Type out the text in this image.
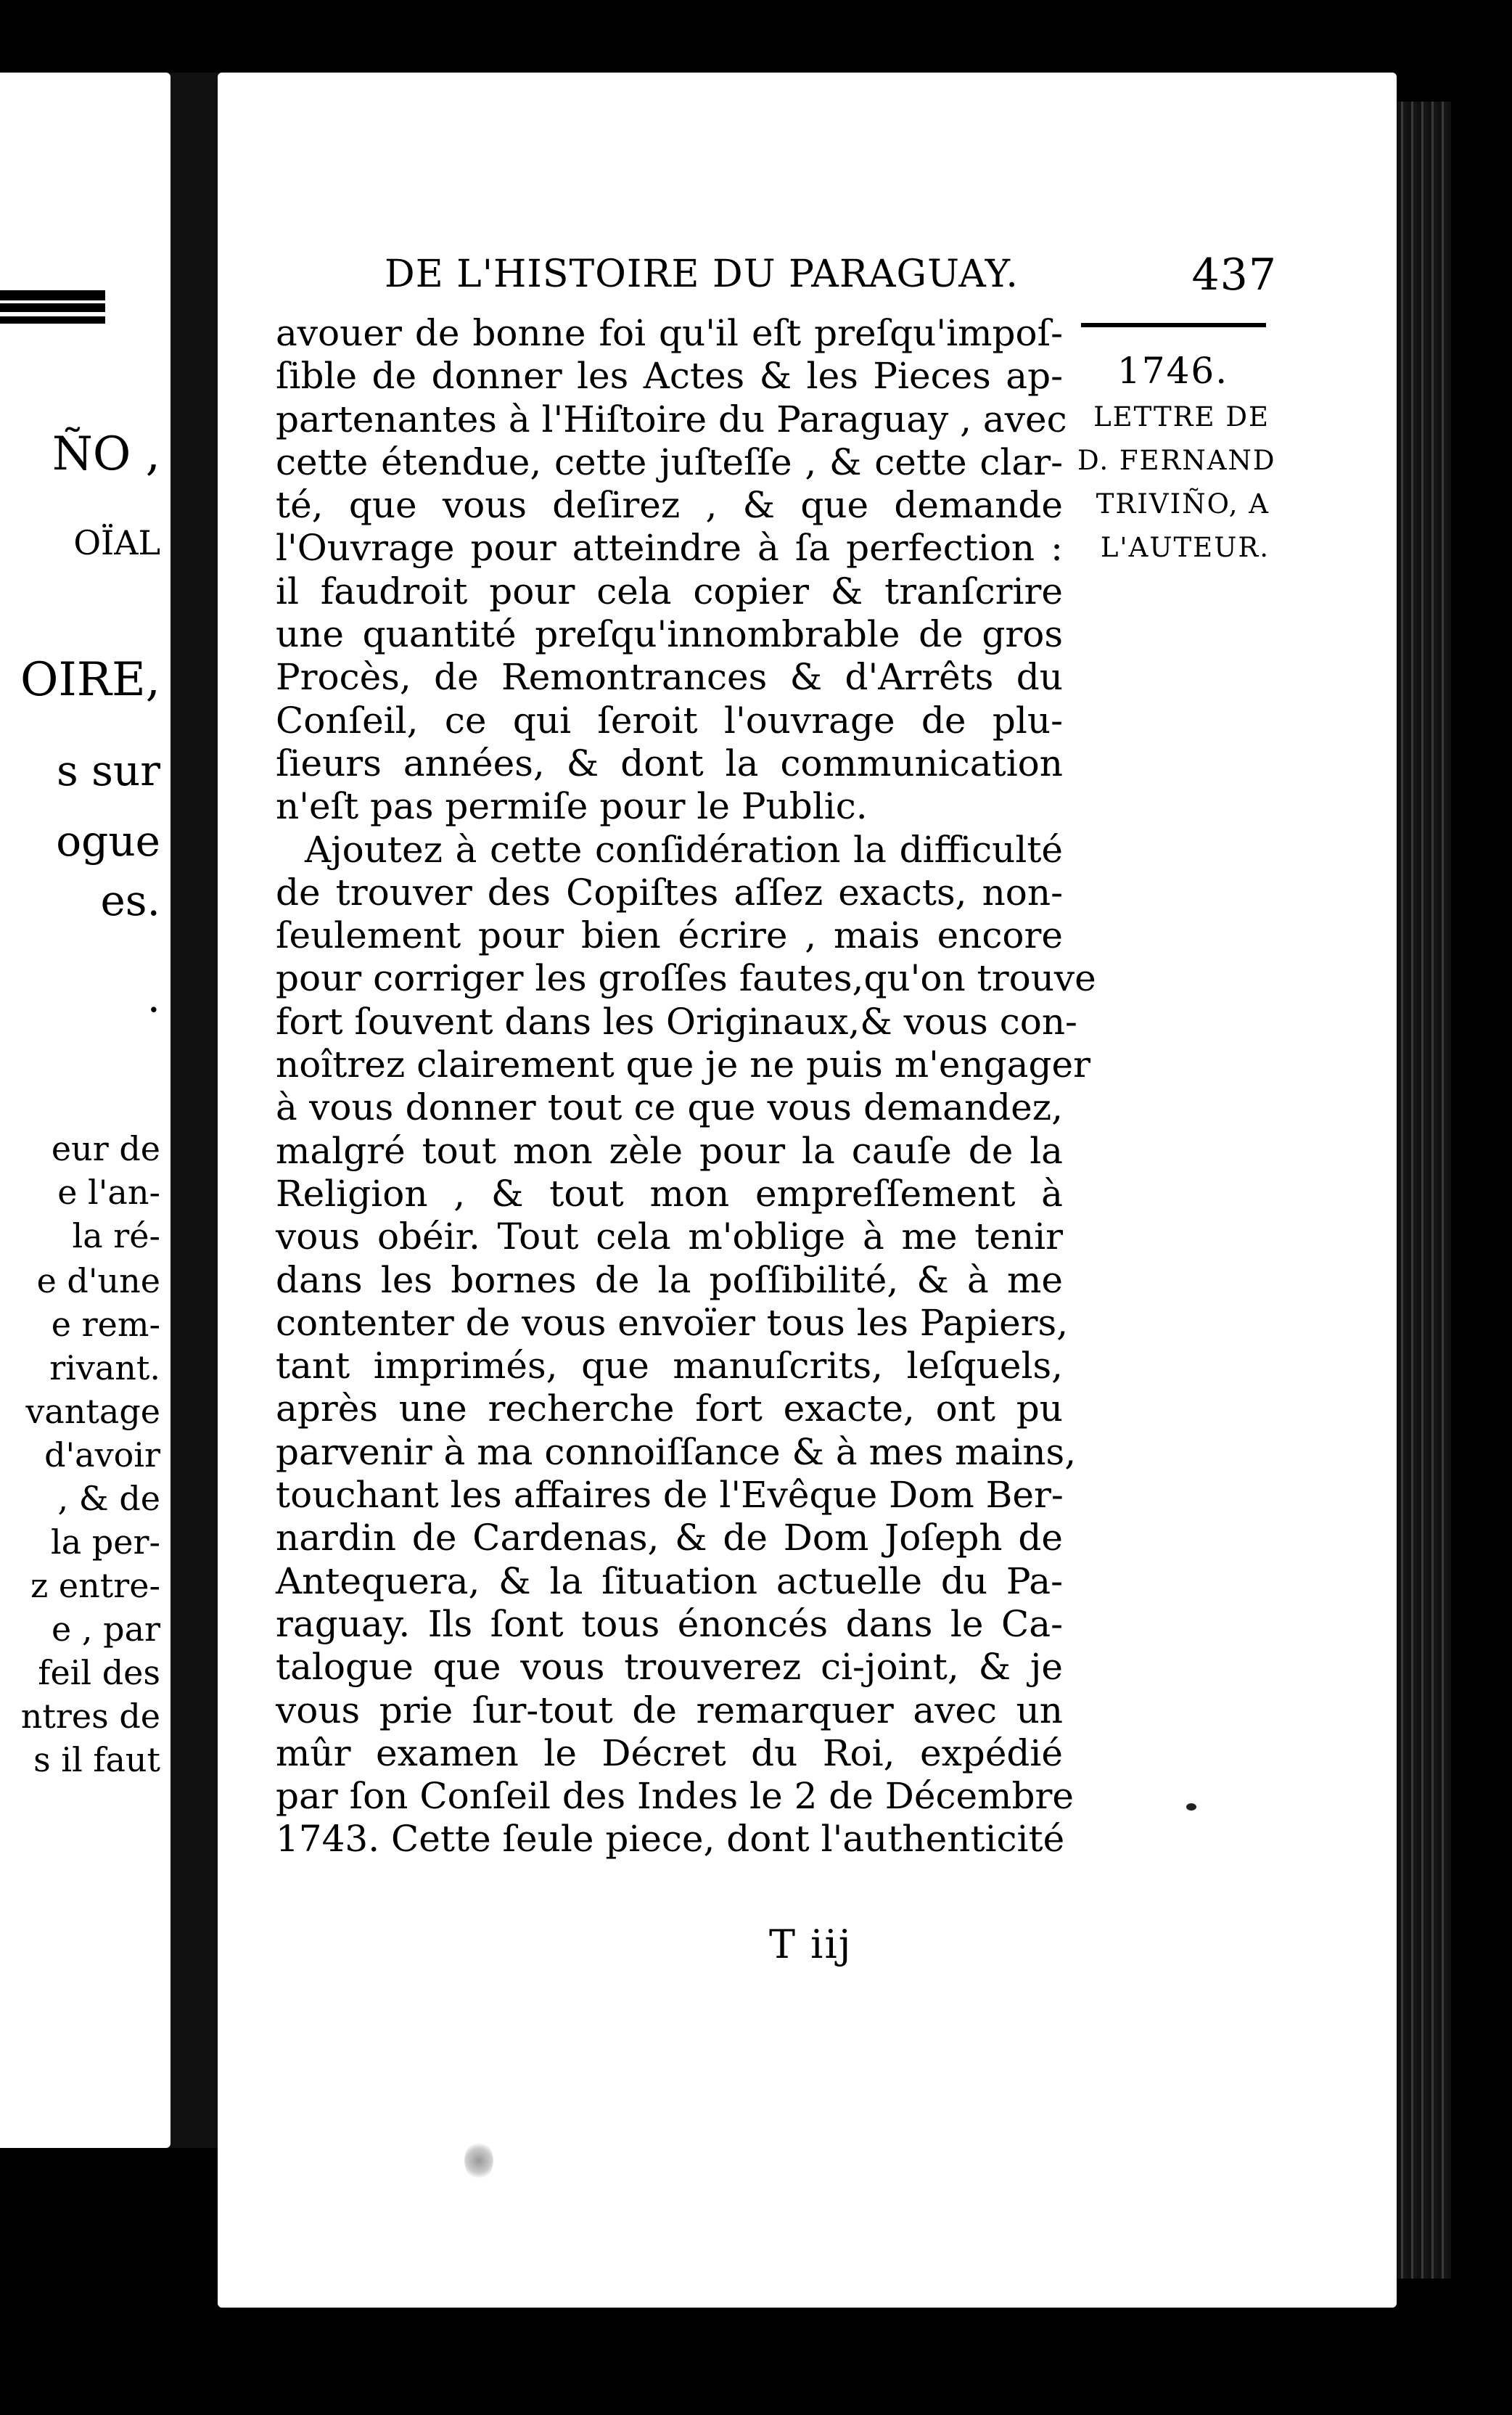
ÑO ,
OÏAL
OIRE,
s sur
ogue
es.
.
eur de
e l'an-
la ré-
e d'une
e rem-
rivant.
vantage
d'avoir
, & de
la per-
z entre-
e , par
feil des
ntres de
s il faut
DE L'HISTOIRE DU PARAGUAY.	437
1746.
LETTRE DE
D. FERNAND
TRIVIÑO, A
L'AUTEUR.
avouer de bonne foi qu'il eſt preſqu'impoſ-
ſible de donner les Actes & les Pieces ap-
partenantes à l'Hiſtoire du Paraguay , avec
cette étendue, cette juſteſſe , & cette clar-
té, que vous deſirez , & que demande
l'Ouvrage pour atteindre à ſa perfection :
il faudroit pour cela copier & tranſcrire
une quantité preſqu'innombrable de gros
Procès, de Remontrances & d'Arrêts du
Conſeil, ce qui ſeroit l'ouvrage de plu-
ſieurs années, & dont la communication
n'eſt pas permiſe pour le Public.
Ajoutez à cette conſidération la difficulté
de trouver des Copiſtes aſſez exacts, non-
ſeulement pour bien écrire , mais encore
pour corriger les groſſes fautes,qu'on trouve
fort ſouvent dans les Originaux,& vous con-
noîtrez clairement que je ne puis m'engager
à vous donner tout ce que vous demandez,
malgré tout mon zèle pour la cauſe de la
Religion , & tout mon empreſſement à
vous obéir. Tout cela m'oblige à me tenir
dans les bornes de la poſſibilité, & à me
contenter de vous envoïer tous les Papiers,
tant imprimés, que manuſcrits, leſquels,
après une recherche fort exacte, ont pu
parvenir à ma connoiſſance & à mes mains,
touchant les affaires de l'Evêque Dom Ber-
nardin de Cardenas, & de Dom Joſeph de
Antequera, & la ſituation actuelle du Pa-
raguay. Ils ſont tous énoncés dans le Ca-
talogue que vous trouverez ci-joint, & je
vous prie ſur-tout de remarquer avec un
mûr examen le Décret du Roi, expédié
par ſon Conſeil des Indes le 2 de Décembre
1743. Cette ſeule piece, dont l'authenticité
T iij
